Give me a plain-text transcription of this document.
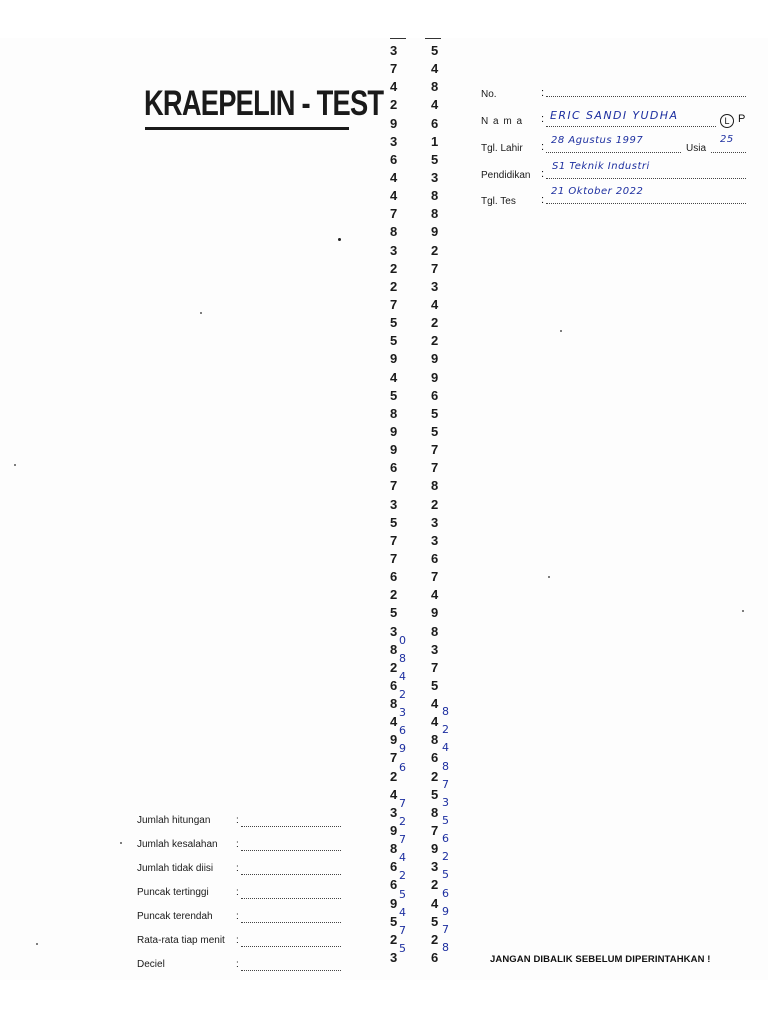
KRAEPELIN - TEST
3
7
4
2
9
3
6
4
4
7
8
3
2
2
7
5
5
9
4
5
8
9
9
6
7
3
5
7
7
6
2
5
3
8
0
2
8
6
4
8
2
4
3
9
6
7
9
2
6
4
3
7
9
2
8
7
6
4
6
2
9
5
5
4
2
7
3
5
5
4
8
4
6
1
5
3
8
8
9
2
7
3
4
2
2
9
9
6
5
5
7
7
8
2
3
3
6
7
4
9
8
3
7
5
4
4
8
8
2
6
4
2
8
5
7
8
3
7
5
9
6
3
2
2
5
4
6
5
9
2
7
6
8
No.	:
N a m a : ERIC SANDI YUDHA	L P
Tgl. Lahir :
28 Agustus 1997
Usia
25
Pendidikan :
S1 Teknik Industri
Tgl. Tes :
21 Oktober 2022
Jumlah hitungan	:
Jumlah kesalahan :
Jumlah tidak diisi :
Puncak tertinggi	:
Puncak terendah :
Rata-rata tiap menit :
Deciel	:	JANGAN DIBALIK SEBELUM DIPERINTAHKAN !
